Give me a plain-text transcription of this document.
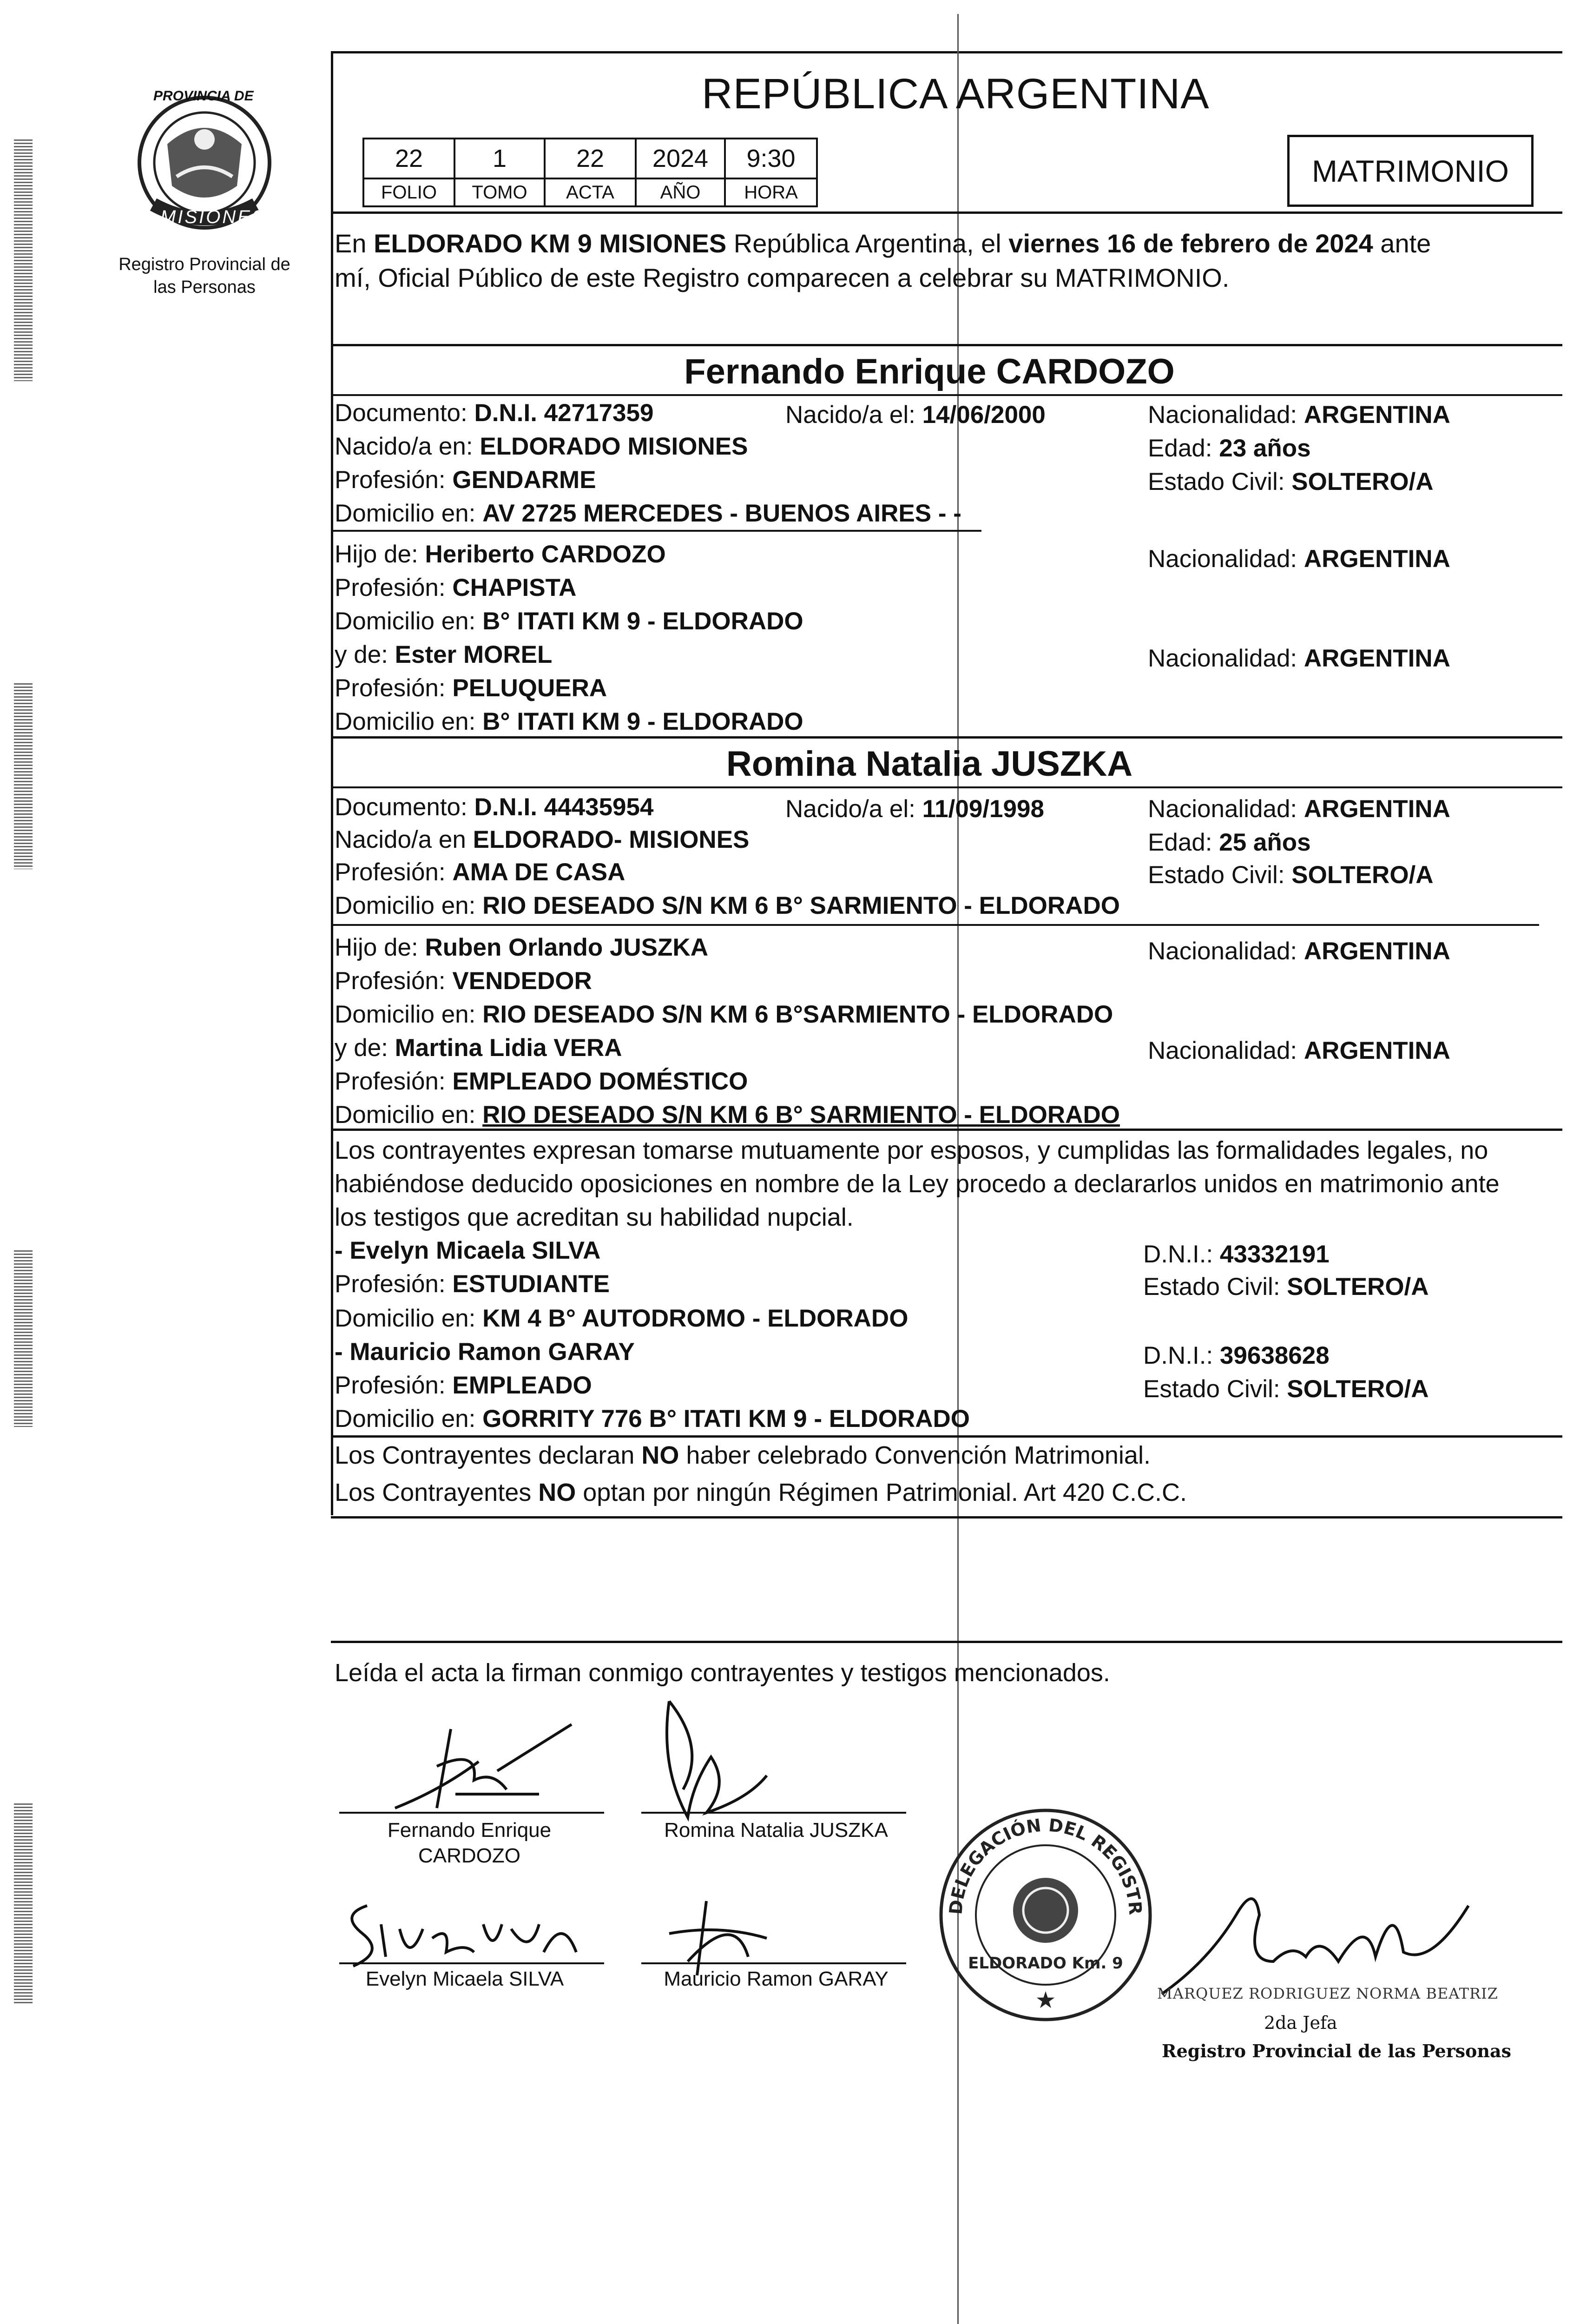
PROVINCIA DE
MISIONES
Registro Provincial de las Personas
REPÚBLICA ARGENTINA
22	1	22	2024	9:30
FOLIO	TOMO	ACTA	AÑO	HORA
MATRIMONIO
En ELDORADO KM 9 MISIONES República Argentina, el viernes 16 de febrero de 2024 ante
mí, Oficial Público de este Registro comparecen a celebrar su MATRIMONIO.
Fernando Enrique CARDOZO
Documento: D.N.I. 42717359	Nacido/a el: 14/06/2000	Nacionalidad: ARGENTINA
Nacido/a en: ELDORADO MISIONES	Edad: 23 años
Profesión: GENDARME	Estado Civil: SOLTERO/A
Domicilio en: AV 2725 MERCEDES - BUENOS AIRES - -
Hijo de: Heriberto CARDOZO	Nacionalidad: ARGENTINA
Profesión: CHAPISTA
Domicilio en: B° ITATI KM 9 - ELDORADO
y de: Ester MOREL	Nacionalidad: ARGENTINA
Profesión: PELUQUERA
Domicilio en: B° ITATI KM 9 - ELDORADO
Romina Natalia JUSZKA
Documento: D.N.I. 44435954	Nacido/a el: 11/09/1998	Nacionalidad: ARGENTINA
Nacido/a en ELDORADO- MISIONES	Edad: 25 años
Profesión: AMA DE CASA	Estado Civil: SOLTERO/A
Domicilio en: RIO DESEADO S/N KM 6 B° SARMIENTO - ELDORADO
Hijo de: Ruben Orlando JUSZKA	Nacionalidad: ARGENTINA
Profesión: VENDEDOR
Domicilio en: RIO DESEADO S/N KM 6 B°SARMIENTO - ELDORADO
y de: Martina Lidia VERA	Nacionalidad: ARGENTINA
Profesión: EMPLEADO DOMÉSTICO
Domicilio en: RIO DESEADO S/N KM 6 B° SARMIENTO - ELDORADO
Los contrayentes expresan tomarse mutuamente por esposos, y cumplidas las formalidades legales, no
habiéndose deducido oposiciones en nombre de la Ley procedo a declararlos unidos en matrimonio ante
los testigos que acreditan su habilidad nupcial.
- Evelyn Micaela SILVA	D.N.I.: 43332191
Profesión: ESTUDIANTE	Estado Civil: SOLTERO/A
Domicilio en: KM 4 B° AUTODROMO - ELDORADO
- Mauricio Ramon GARAY	D.N.I.: 39638628
Profesión: EMPLEADO	Estado Civil: SOLTERO/A
Domicilio en: GORRITY 776 B° ITATI KM 9 - ELDORADO
Los Contrayentes declaran NO haber celebrado Convención Matrimonial.
Los Contrayentes NO optan por ningún Régimen Patrimonial. Art 420 C.C.C.
Leída el acta la firman conmigo contrayentes y testigos mencionados.
Fernando Enrique
CARDOZO
Romina Natalia JUSZKA
Evelyn Micaela SILVA	Mauricio Ramon GARAY
DELEGACIÓN DEL REGISTR
ELDORADO Km. 9
★	MARQUEZ RODRIGUEZ NORMA BEATRIZ
2da Jefa
Registro Provincial de las Personas
